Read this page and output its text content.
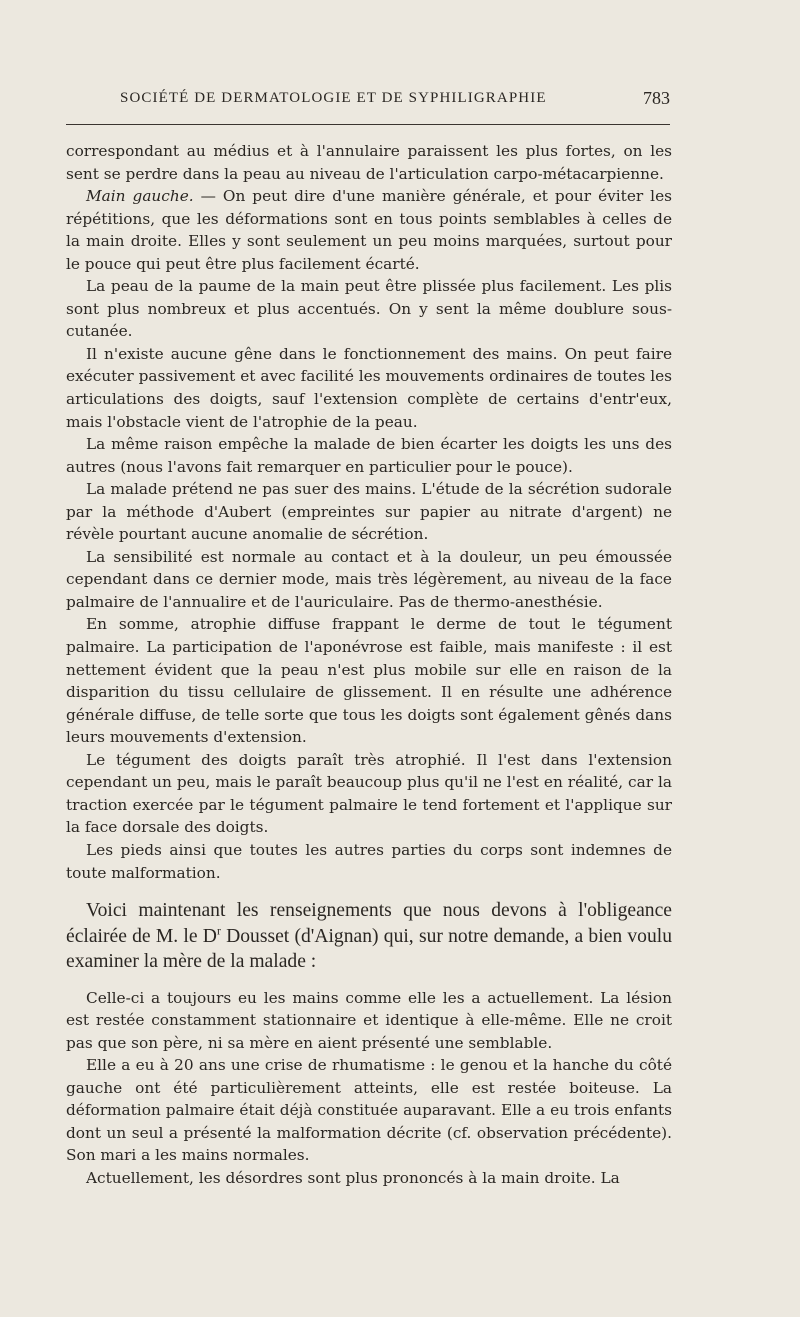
SOCIÉTÉ DE DERMATOLOGIE ET DE SYPHILIGRAPHIE	783

correspondant au médius et à l'annulaire paraissent les plus fortes, on les sent se perdre dans la peau au niveau de l'articulation carpo-métacarpienne.

Main gauche. — On peut dire d'une manière générale, et pour éviter les répétitions, que les déformations sont en tous points semblables à celles de la main droite. Elles y sont seulement un peu moins marquées, surtout pour le pouce qui peut être plus facilement écarté.

La peau de la paume de la main peut être plissée plus facilement. Les plis sont plus nombreux et plus accentués. On y sent la même doublure sous-cutanée.

Il n'existe aucune gêne dans le fonctionnement des mains. On peut faire exécuter passivement et avec facilité les mouvements ordinaires de toutes les articulations des doigts, sauf l'extension complète de certains d'entr'eux, mais l'obstacle vient de l'atrophie de la peau.

La même raison empêche la malade de bien écarter les doigts les uns des autres (nous l'avons fait remarquer en particulier pour le pouce).

La malade prétend ne pas suer des mains. L'étude de la sécrétion sudorale par la méthode d'Aubert (empreintes sur papier au nitrate d'argent) ne révèle pourtant aucune anomalie de sécrétion.

La sensibilité est normale au contact et à la douleur, un peu émoussée cependant dans ce dernier mode, mais très légèrement, au niveau de la face palmaire de l'annualire et de l'auriculaire. Pas de thermo-anesthésie.

En somme, atrophie diffuse frappant le derme de tout le tégument palmaire. La participation de l'aponévrose est faible, mais manifeste : il est nettement évident que la peau n'est plus mobile sur elle en raison de la disparition du tissu cellulaire de glissement. Il en résulte une adhérence générale diffuse, de telle sorte que tous les doigts sont également gênés dans leurs mouvements d'extension.

Le tégument des doigts paraît très atrophié. Il l'est dans l'extension cependant un peu, mais le paraît beaucoup plus qu'il ne l'est en réalité, car la traction exercée par le tégument palmaire le tend fortement et l'applique sur la face dorsale des doigts.

Les pieds ainsi que toutes les autres parties du corps sont indemnes de toute malformation.

Voici maintenant les renseignements que nous devons à l'obligeance éclairée de M. le $D^r$ Dousset (d'Aignan) qui, sur notre demande, a bien voulu examiner la mère de la malade :

Celle-ci a toujours eu les mains comme elle les a actuellement. La lésion est restée constamment stationnaire et identique à elle-même. Elle ne croit pas que son père, ni sa mère en aient présenté une semblable.

Elle a eu à 20 ans une crise de rhumatisme : le genou et la hanche du côté gauche ont été particulièrement atteints, elle est restée boiteuse. La déformation palmaire était déjà constituée auparavant. Elle a eu trois enfants dont un seul a présenté la malformation décrite (cf. observation précédente). Son mari a les mains normales.

Actuellement, les désordres sont plus prononcés à la main droite. La
